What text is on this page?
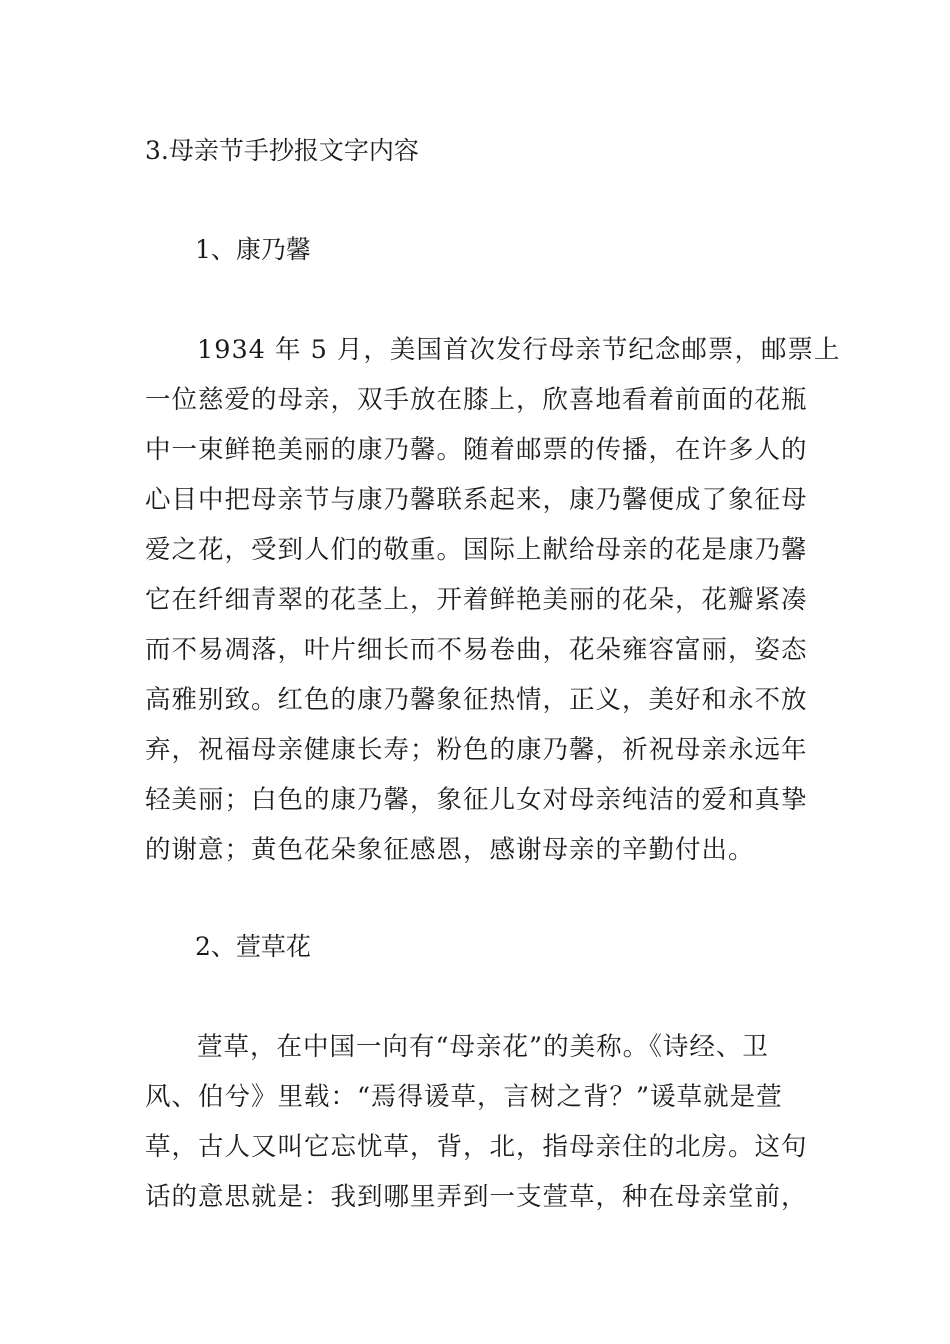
3.母亲节手抄报文字内容
1、康乃馨
1934 年 5 月，美国首次发行母亲节纪念邮票，邮票上
一位慈爱的母亲，双手放在膝上，欣喜地看着前面的花瓶
中一束鲜艳美丽的康乃馨。随着邮票的传播，在许多人的
心目中把母亲节与康乃馨联系起来，康乃馨便成了象征母
爱之花，受到人们的敬重。国际上献给母亲的花是康乃馨
它在纤细青翠的花茎上，开着鲜艳美丽的花朵，花瓣紧凑
而不易凋落，叶片细长而不易卷曲，花朵雍容富丽，姿态
高雅别致。红色的康乃馨象征热情，正义，美好和永不放
弃，祝福母亲健康长寿；粉色的康乃馨，祈祝母亲永远年
轻美丽；白色的康乃馨，象征儿女对母亲纯洁的爱和真挚
的谢意；黄色花朵象征感恩，感谢母亲的辛勤付出。
2、萱草花
萱草，在中国一向有“母亲花”的美称。《诗经、卫
风、伯兮》里载：“焉得谖草，言树之背？”谖草就是萱
草，古人又叫它忘忧草，背，北，指母亲住的北房。这句
话的意思就是：我到哪里弄到一支萱草，种在母亲堂前，
